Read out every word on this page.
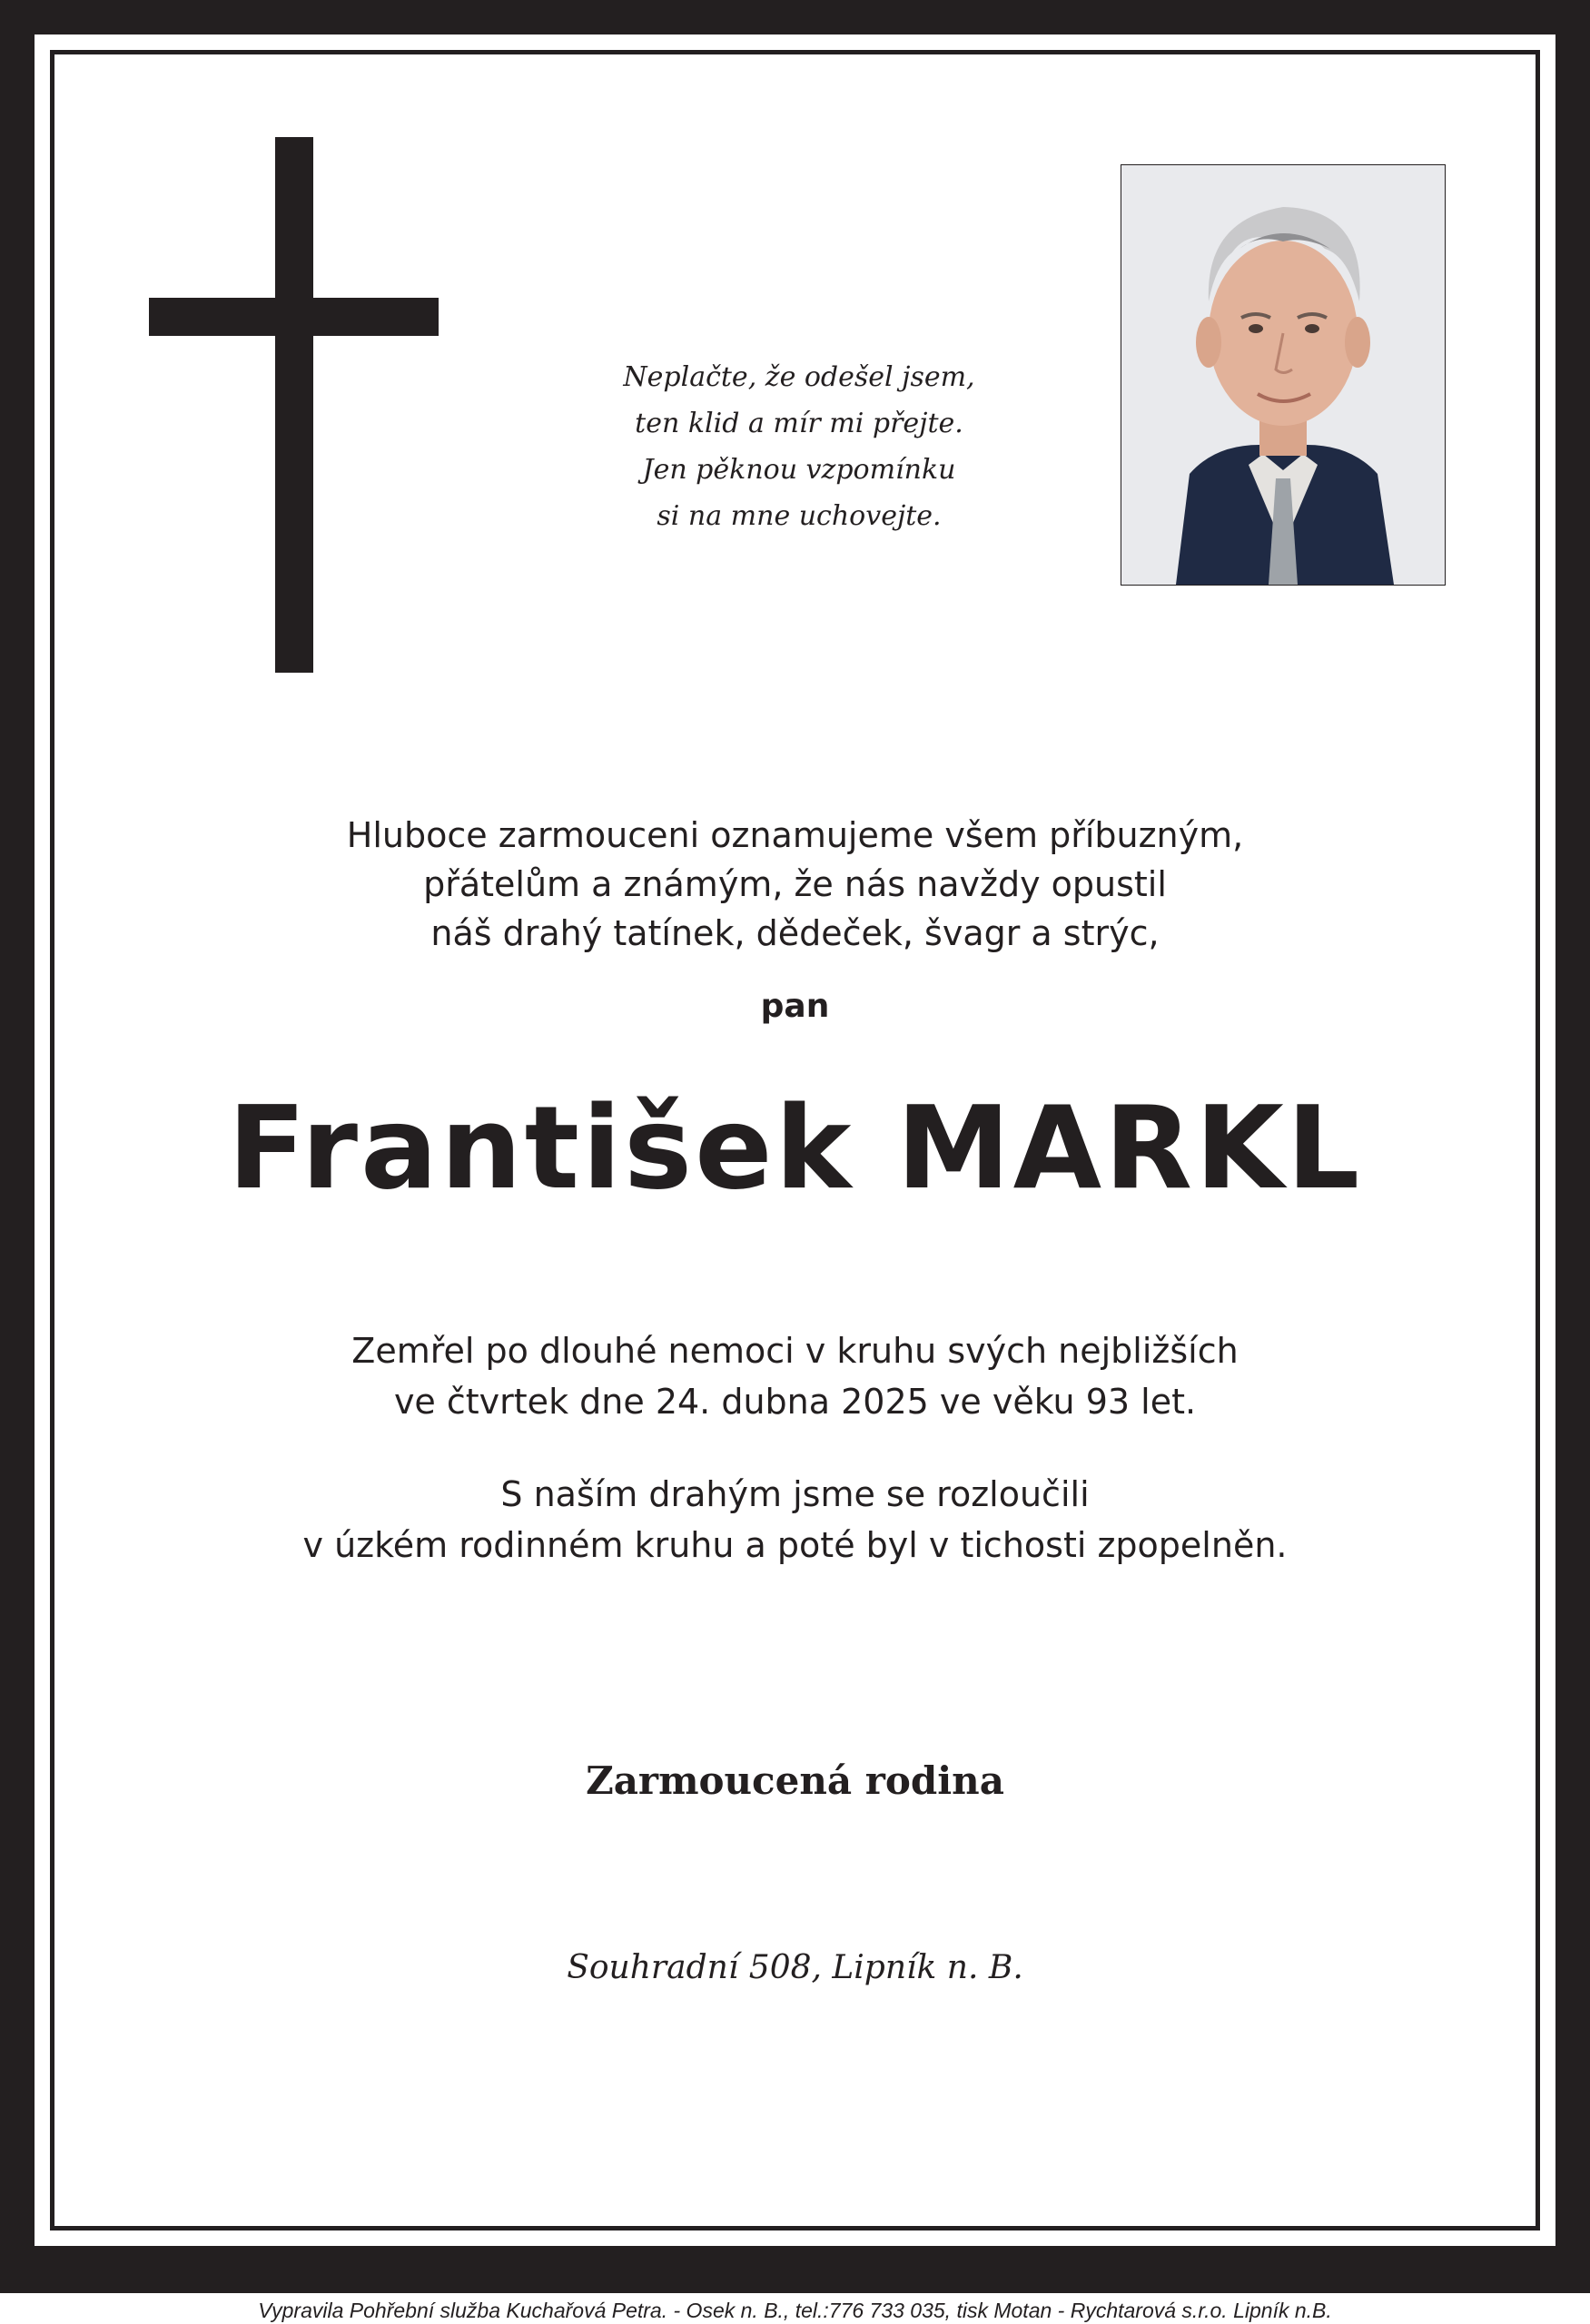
Neplačte, že odešel jsem,
ten klid a mír mi přejte.
Jen pěknou vzpomínku
si na mne uchovejte.
Hluboce zarmouceni oznamujeme všem příbuzným,
přátelům a známým, že nás navždy opustil
náš drahý tatínek, dědeček, švagr a strýc,
pan
František MARKL
Zemřel po dlouhé nemoci v kruhu svých nejbližších
ve čtvrtek dne 24. dubna 2025 ve věku 93 let.
S naším drahým jsme se rozloučili
v úzkém rodinném kruhu a poté byl v tichosti zpopelněn.
Zarmoucená rodina
Souhradní 508, Lipník n. B.
Vypravila Pohřební služba Kuchařová Petra. - Osek n. B., tel.:776 733 035, tisk Motan - Rychtarová s.r.o. Lipník n.B.
